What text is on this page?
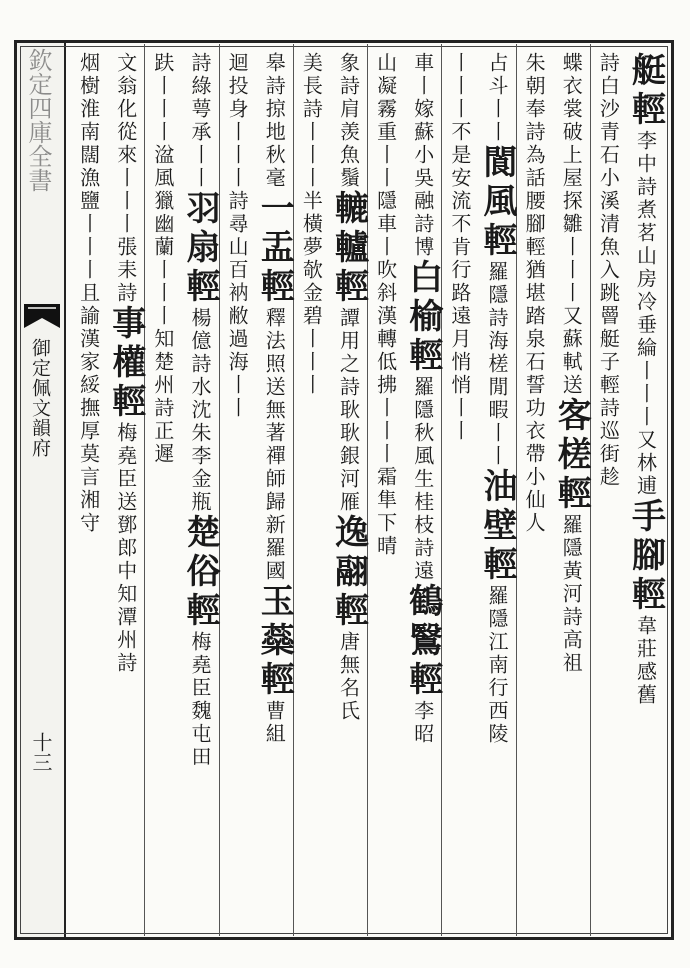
欽定四庫全書
御定佩文韻府
十三
艇輕李中詩煮茗山房冷垂綸丨丨丨又林逋手腳輕韋莊感舊
詩白沙青石小溪清魚入跳罾艇子輕詩巡街趁
蝶衣裳破上屋探雛丨丨丨又蘇軾送客槎輕羅隱黃河詩高祖
朱朝奉詩為話腰腳輕猶堪踏泉石誓功衣帶小仙人
占斗丨丨閬風輕羅隱詩海槎閒暇丨丨油壁輕羅隱江南行西陵
丨丨丨不是安流不肯行路遠月悄悄丨丨
車丨嫁蘇小吳融詩博白榆輕羅隱秋風生桂枝詩遠鶴鷖輕李昭
山凝霧重丨丨隱車丨吹斜漢轉低拂丨丨丨霜隼下晴
象詩肩羡魚鬚轆轤輕譚用之詩耿耿銀河雁逸翮輕唐無名氏
美長詩丨丨丨半橫夢欹金碧丨丨丨
皋詩掠地秋毫一盂輕釋法照送無著禪師歸新羅國玉蘂輕曹組
迴投身丨丨丨詩尋山百衲敝過海丨丨
詩綠萼承丨丨羽扇輕楊億詩水沈朱李金瓶楚俗輕梅堯臣魏屯田
趺丨丨丨湓風獵幽蘭丨丨丨知楚州詩正遲
文翁化從來丨丨丨張耒詩事權輕梅堯臣送鄧郎中知潭州詩
烟樹淮南闊漁鹽丨丨丨且諭漢家綏撫厚莫言湘守
